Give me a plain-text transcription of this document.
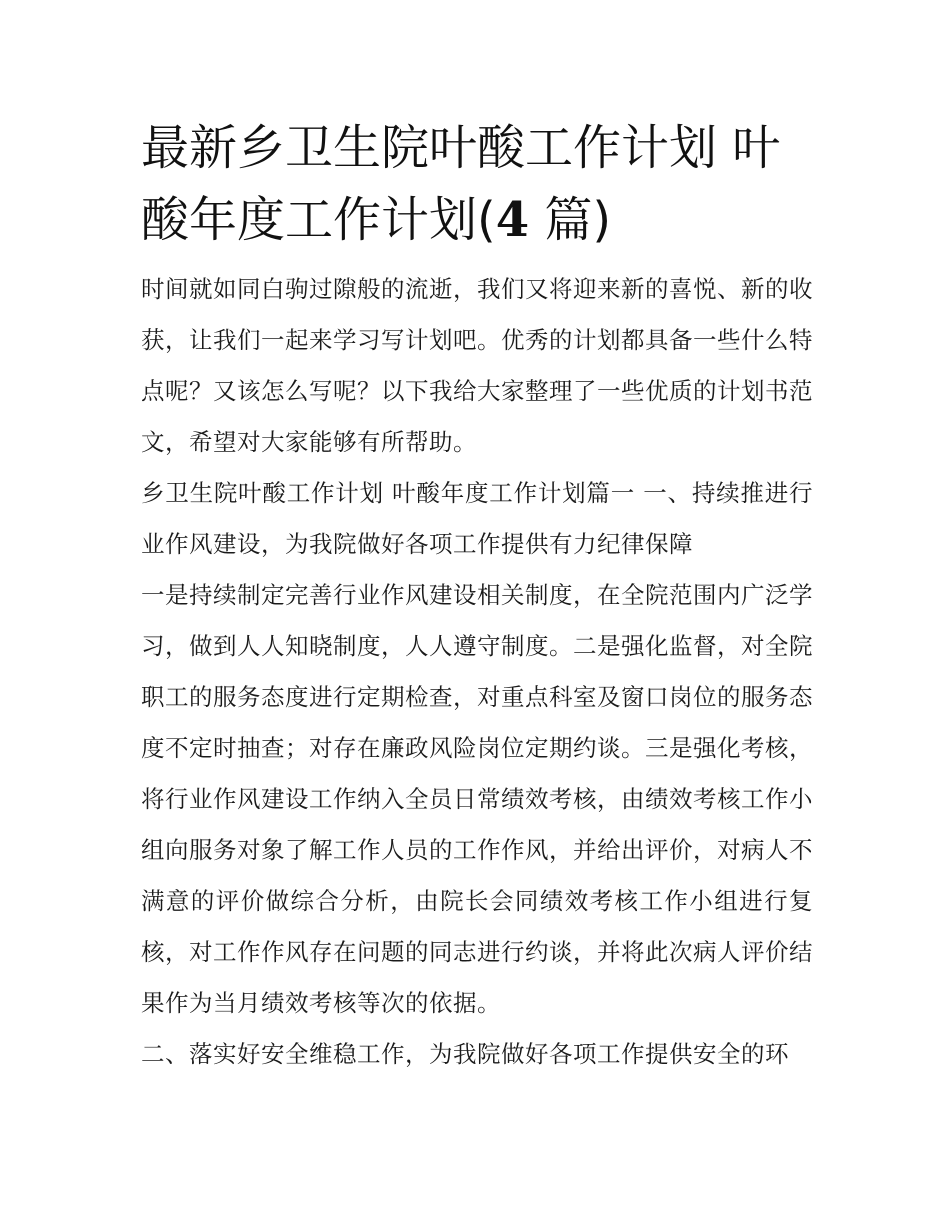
最新乡卫生院叶酸工作计划 叶酸年度工作计划(4 篇)

时间就如同白驹过隙般的流逝，我们又将迎来新的喜悦、新的收获，让我们一起来学习写计划吧。优秀的计划都具备一些什么特点呢？又该怎么写呢？以下我给大家整理了一些优质的计划书范文，希望对大家能够有所帮助。

乡卫生院叶酸工作计划 叶酸年度工作计划篇一 一、持续推进行业作风建设，为我院做好各项工作提供有力纪律保障

一是持续制定完善行业作风建设相关制度，在全院范围内广泛学习，做到人人知晓制度，人人遵守制度。二是强化监督，对全院职工的服务态度进行定期检查，对重点科室及窗口岗位的服务态度不定时抽查；对存在廉政风险岗位定期约谈。三是强化考核，将行业作风建设工作纳入全员日常绩效考核，由绩效考核工作小组向服务对象了解工作人员的工作作风，并给出评价，对病人不满意的评价做综合分析，由院长会同绩效考核工作小组进行复核，对工作作风存在问题的同志进行约谈，并将此次病人评价结果作为当月绩效考核等次的依据。

二、落实好安全维稳工作，为我院做好各项工作提供安全的环
